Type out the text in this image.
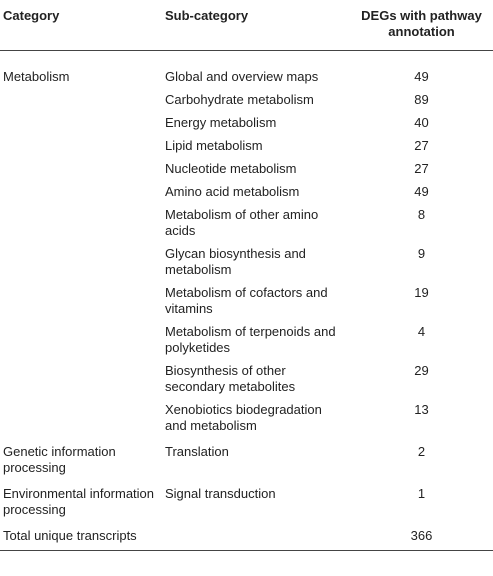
Category	Sub-category	DEGs with pathway annotation
Metabolism	Global and overview maps	49
	Carbohydrate metabolism	89
	Energy metabolism	40
	Lipid metabolism	27
	Nucleotide metabolism	27
	Amino acid metabolism	49
	Metabolism of other amino acids	8
	Glycan biosynthesis and metabolism	9
	Metabolism of cofactors and vitamins	19
	Metabolism of terpenoids and polyketides	4
	Biosynthesis of other secondary metabolites	29
	Xenobiotics biodegradation and metabolism	13
Genetic information processing	Translation	2
Environmental information processing	Signal transduction	1
Total unique transcripts		366
